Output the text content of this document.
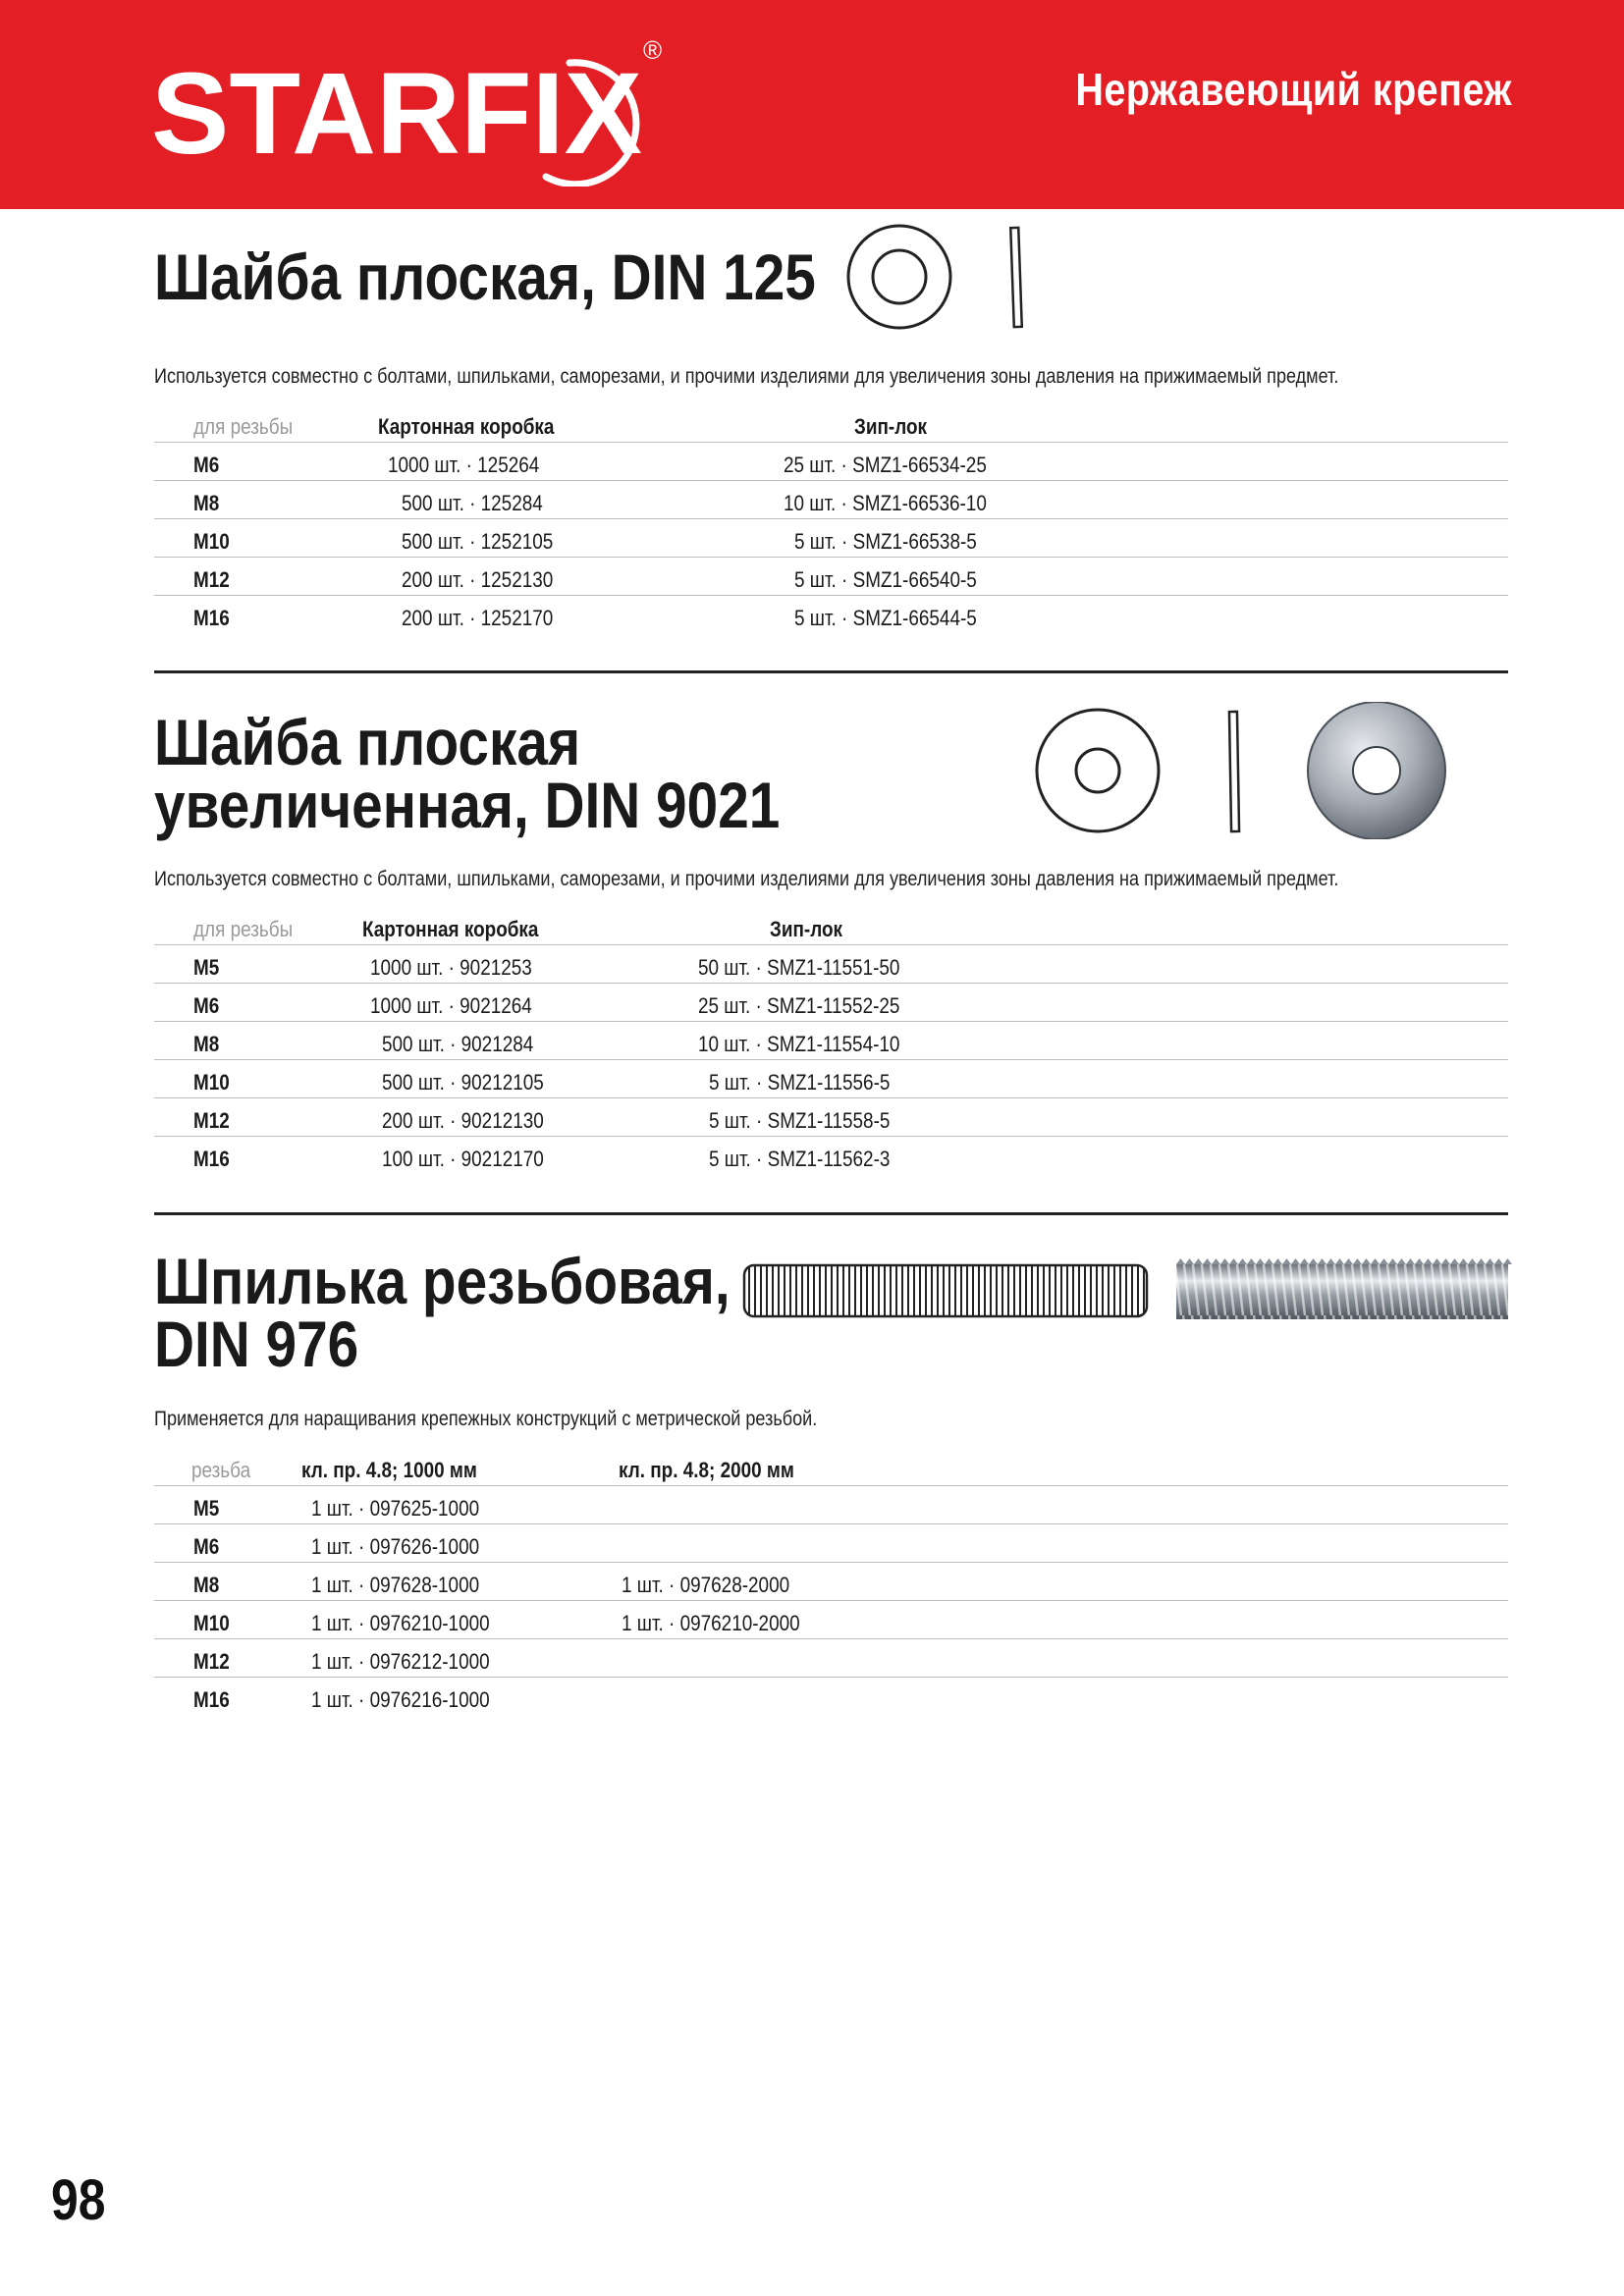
STARFIX ®
Нержавеющий крепеж
Шайба плоская, DIN 125
Используется совместно с болтами, шпильками, саморезами, и прочими изделиями для увеличения зоны давления на прижимаемый предмет.
для резьбы	Картонная коробка	Зип-лок
M6	1000 шт. · 125264	25 шт. · SMZ1-66534-25
M8	500 шт. · 125284	10 шт. · SMZ1-66536-10
M10	500 шт. · 1252105	5 шт. · SMZ1-66538-5
M12	200 шт. · 1252130	5 шт. · SMZ1-66540-5
M16	200 шт. · 1252170	5 шт. · SMZ1-66544-5
Шайба плоская
увеличенная, DIN 9021
Используется совместно с болтами, шпильками, саморезами, и прочими изделиями для увеличения зоны давления на прижимаемый предмет.
для резьбы	Картонная коробка	Зип-лок
M5	1000 шт. · 9021253	50 шт. · SMZ1-11551-50
M6	1000 шт. · 9021264	25 шт. · SMZ1-11552-25
M8	500 шт. · 9021284	10 шт. · SMZ1-11554-10
M10	500 шт. · 90212105	5 шт. · SMZ1-11556-5
M12	200 шт. · 90212130	5 шт. · SMZ1-11558-5
M16	100 шт. · 90212170	5 шт. · SMZ1-11562-3
Шпилька резьбовая,
DIN 976
Применяется для наращивания крепежных конструкций с метрической резьбой.
резьба кл. пр. 4.8; 1000 мм	кл. пр. 4.8; 2000 мм
M5	1 шт. · 097625-1000
M6	1 шт. · 097626-1000
M8	1 шт. · 097628-1000	1 шт. · 097628-2000
M10	1 шт. · 0976210-1000	1 шт. · 0976210-2000
M12	1 шт. · 0976212-1000
M16	1 шт. · 0976216-1000
98
